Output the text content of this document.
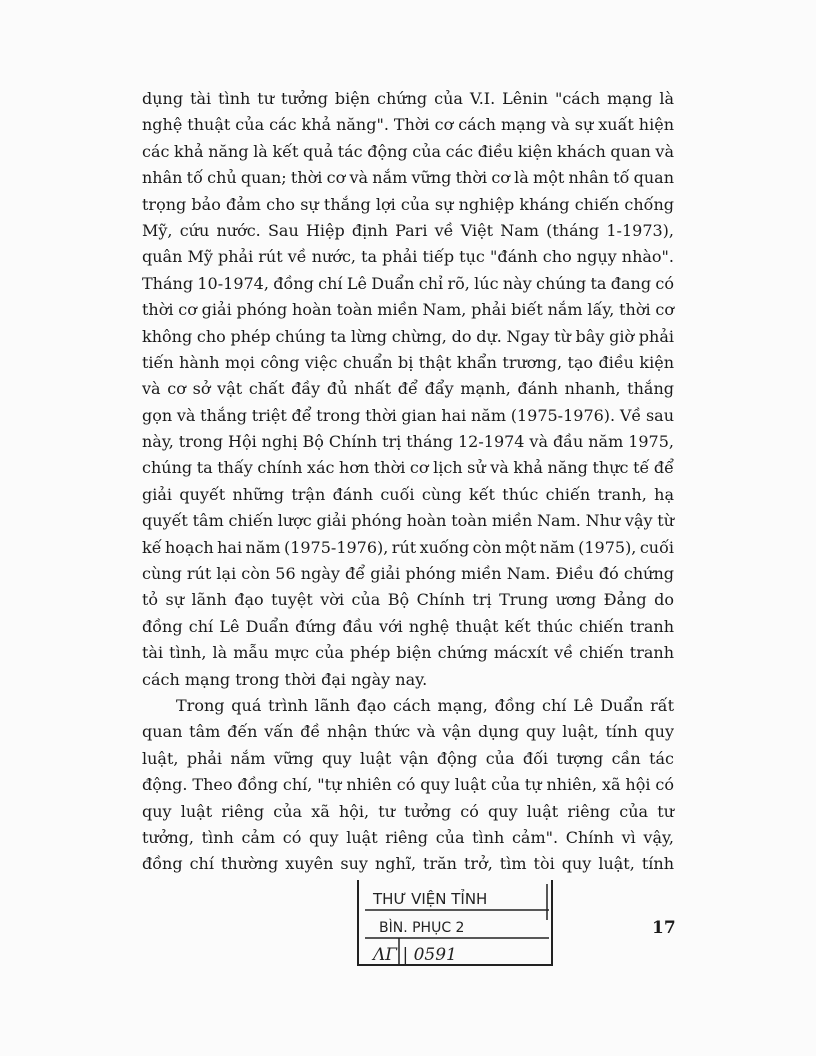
dụng tài tình tư tưởng biện chứng của V.I. Lênin "cách mạng là
nghệ thuật của các khả năng". Thời cơ cách mạng và sự xuất hiện
các khả năng là kết quả tác động của các điều kiện khách quan và
nhân tố chủ quan; thời cơ và nắm vững thời cơ là một nhân tố quan
trọng bảo đảm cho sự thắng lợi của sự nghiệp kháng chiến chống
Mỹ, cứu nước. Sau Hiệp định Pari về Việt Nam (tháng 1-1973),
quân Mỹ phải rút về nước, ta phải tiếp tục "đánh cho ngụy nhào".
Tháng 10-1974, đồng chí Lê Duẩn chỉ rõ, lúc này chúng ta đang có
thời cơ giải phóng hoàn toàn miền Nam, phải biết nắm lấy, thời cơ
không cho phép chúng ta lừng chừng, do dự. Ngay từ bây giờ phải
tiến hành mọi công việc chuẩn bị thật khẩn trương, tạo điều kiện
và cơ sở vật chất đầy đủ nhất để đẩy mạnh, đánh nhanh, thắng
gọn và thắng triệt để trong thời gian hai năm (1975-1976). Về sau
này, trong Hội nghị Bộ Chính trị tháng 12-1974 và đầu năm 1975,
chúng ta thấy chính xác hơn thời cơ lịch sử và khả năng thực tế để
giải quyết những trận đánh cuối cùng kết thúc chiến tranh, hạ
quyết tâm chiến lược giải phóng hoàn toàn miền Nam. Như vậy từ
kế hoạch hai năm (1975-1976), rút xuống còn một năm (1975), cuối
cùng rút lại còn 56 ngày để giải phóng miền Nam. Điều đó chứng
tỏ sự lãnh đạo tuyệt vời của Bộ Chính trị Trung ương Đảng do
đồng chí Lê Duẩn đứng đầu với nghệ thuật kết thúc chiến tranh
tài tình, là mẫu mực của phép biện chứng mácxít về chiến tranh
cách mạng trong thời đại ngày nay.
Trong quá trình lãnh đạo cách mạng, đồng chí Lê Duẩn rất
quan tâm đến vấn đề nhận thức và vận dụng quy luật, tính quy
luật, phải nắm vững quy luật vận động của đối tượng cần tác
động. Theo đồng chí, "tự nhiên có quy luật của tự nhiên, xã hội có
quy luật riêng của xã hội, tư tưởng có quy luật riêng của tư
tưởng, tình cảm có quy luật riêng của tình cảm". Chính vì vậy,
đồng chí thường xuyên suy nghĩ, trăn trở, tìm tòi quy luật, tính
THƯ VIỆN TỈNH
BÌN. PHỤC 2
ΛΓ | 0591
17
